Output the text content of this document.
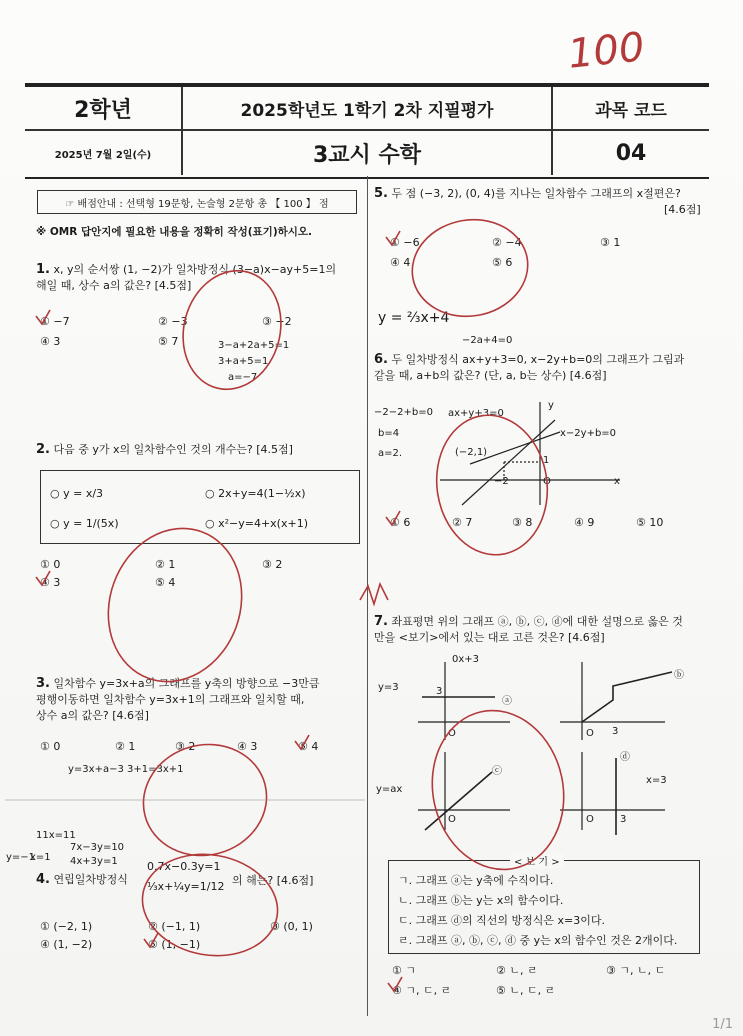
100
2학년	2025학년도 1학기 2차 지필평가	과목 코드
2025년 7월 2일(수)	3교시 수학	04
☞ 배점안내 : 선택형 19문항, 논술형 2문항 총 【 100 】 점
※ OMR 답안지에 필요한 내용을 정확히 작성(표기)하시오.
1. x, y의 순서쌍 (1, −2)가 일차방정식 (3−a)x−ay+5=1의
해일 때, 상수 a의 값은? [4.5점]
① −7	② −3	③ −2
④ 3	⑤ 7	3−a+2a+5=1
3+a+5=1
a=−7
2. 다음 중 y가 x의 일차함수인 것의 개수는? [4.5점]
○ y = x/3	○ 2x+y=4(1−½x)
○ y = 1/(5x)	○ x²−y=4+x(x+1)
① 0	② 1	③ 2
④ 3	⑤ 4
3. 일차함수 y=3x+a의 그래프를 y축의 방향으로 −3만큼
평행이동하면 일차함수 y=3x+1의 그래프와 일치할 때,
상수 a의 값은? [4.6점]
① 0	② 1	③ 2	④ 3	⑤ 4
y=3x+a−3 3+1=3x+1
11x=11
7x−3y=10
4x+3y=1
x=1
y=−1
4. 연립일차방정식
0.7x−0.3y=1
⅓x+¼y=1/12 의 해는? [4.6점]
① (−2, 1)	② (−1, 1)	③ (0, 1)
④ (1, −2)	⑤ (1, −1)
5. 두 점 (−3, 2), (0, 4)를 지나는 일차함수 그래프의 x절편은?
[4.6점]
① −6	② −4	③ 1
④ 4	⑤ 6
y = ⅔x+4
−2a+4=0
6. 두 일차방정식 ax+y+3=0, x−2y+b=0의 그래프가 그림과
같을 때, a+b의 값은? (단, a, b는 상수) [4.6점]
−2−2+b=0
b=4
a=2.	(−2,1)
ax+y+3=0
x−2y+b=0
y
x
O
1
−2
① 6	② 7	③ 8	④ 9	⑤ 10
7. 좌표평면 위의 그래프 ⓐ, ⓑ, ⓒ, ⓓ에 대한 설명으로 옳은 것
만을 <보기>에서 있는 대로 고른 것은? [4.6점]
y=3
x=3
y=ax
0x+3
ⓐ
ⓑ
ⓒ
ⓓ
3
3
3
O	O
O	O
< 보 기 >
ㄱ. 그래프 ⓐ는 y축에 수직이다.
ㄴ. 그래프 ⓑ는 y는 x의 함수이다.
ㄷ. 그래프 ⓓ의 직선의 방정식은 x=3이다.
ㄹ. 그래프 ⓐ, ⓑ, ⓒ, ⓓ 중 y는 x의 함수인 것은 2개이다.
① ㄱ	② ㄴ, ㄹ	③ ㄱ, ㄴ, ㄷ
④ ㄱ, ㄷ, ㄹ	⑤ ㄴ, ㄷ, ㄹ
1/1
